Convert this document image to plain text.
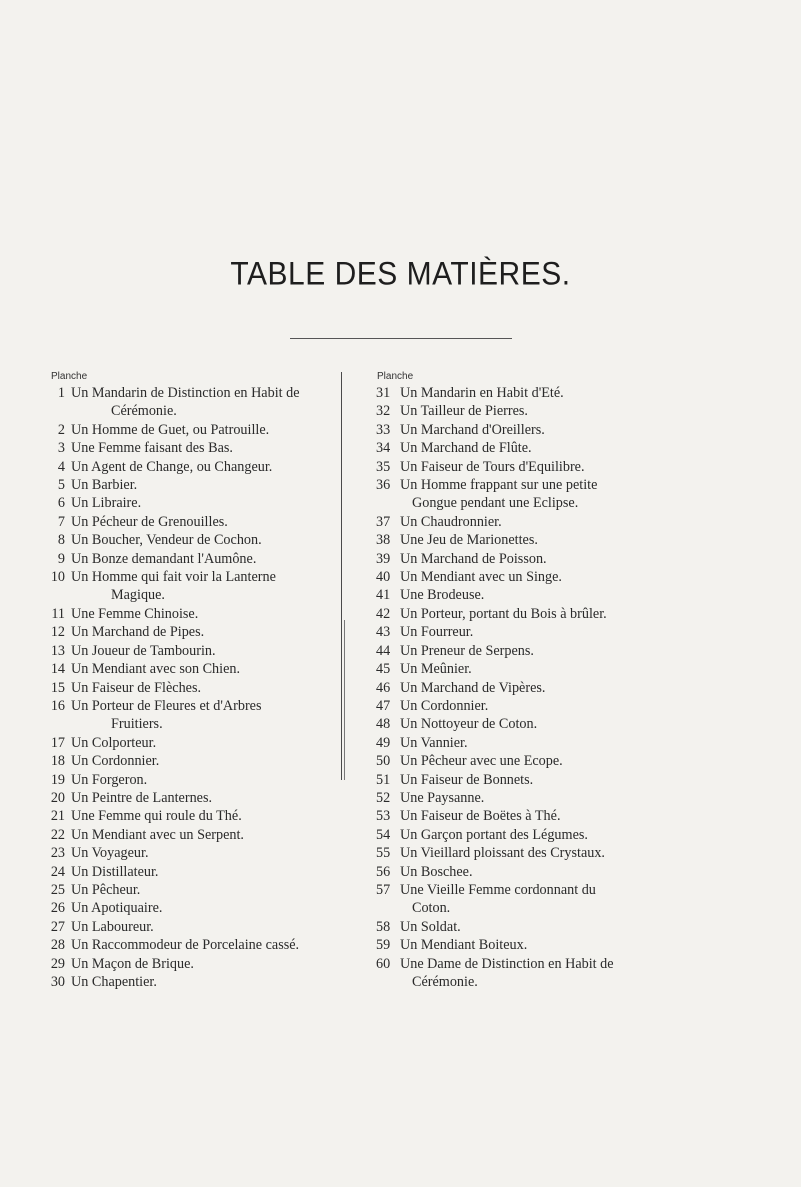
TABLE DES MATIÈRES.
Planche
1 Un Mandarin de Distinction en Habit de
Cérémonie.
2 Un Homme de Guet, ou Patrouille.
3 Une Femme faisant des Bas.
4 Un Agent de Change, ou Changeur.
5 Un Barbier.
6 Un Libraire.
7 Un Pécheur de Grenouilles.
8 Un Boucher, Vendeur de Cochon.
9 Un Bonze demandant l'Aumône.
10 Un Homme qui fait voir la Lanterne
Magique.
11 Une Femme Chinoise.
12 Un Marchand de Pipes.
13 Un Joueur de Tambourin.
14 Un Mendiant avec son Chien.
15 Un Faiseur de Flèches.
16 Un Porteur de Fleures et d'Arbres
Fruitiers.
17 Un Colporteur.
18 Un Cordonnier.
19 Un Forgeron.
20 Un Peintre de Lanternes.
21 Une Femme qui roule du Thé.
22 Un Mendiant avec un Serpent.
23 Un Voyageur.
24 Un Distillateur.
25 Un Pêcheur.
26 Un Apotiquaire.
27 Un Laboureur.
28 Un Raccommodeur de Porcelaine cassé.
29 Un Maçon de Brique.
30 Un Chapentier.
Planche
31 Un Mandarin en Habit d'Eté.
32 Un Tailleur de Pierres.
33 Un Marchand d'Oreillers.
34 Un Marchand de Flûte.
35 Un Faiseur de Tours d'Equilibre.
36 Un Homme frappant sur une petite
Gongue pendant une Eclipse.
37 Un Chaudronnier.
38 Une Jeu de Marionettes.
39 Un Marchand de Poisson.
40 Un Mendiant avec un Singe.
41 Une Brodeuse.
42 Un Porteur, portant du Bois à brûler.
43 Un Fourreur.
44 Un Preneur de Serpens.
45 Un Meûnier.
46 Un Marchand de Vipères.
47 Un Cordonnier.
48 Un Nottoyeur de Coton.
49 Un Vannier.
50 Un Pêcheur avec une Ecope.
51 Un Faiseur de Bonnets.
52 Une Paysanne.
53 Un Faiseur de Boëtes à Thé.
54 Un Garçon portant des Légumes.
55 Un Vieillard ploissant des Crystaux.
56 Un Boschee.
57 Une Vieille Femme cordonnant du
Coton.
58 Un Soldat.
59 Un Mendiant Boiteux.
60 Une Dame de Distinction en Habit de
Cérémonie.
